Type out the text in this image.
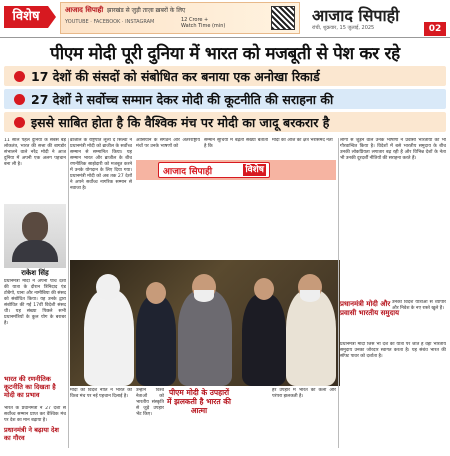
विशेष	आजाद सिपाही झारखंड से जुड़ी ताज़ा ख़बरों के लिए
YOUTUBE · FACEBOOK · INSTAGRAM	12 Crore +
Watch Time (min)
आजाद सिपाही
रांची, शुक्रवार, 15 जुलाई, 2025	02
पीएम मोदी पूरी दुनिया में भारत को मजबूती से पेश कर रहे
17 देशों की संसदों को संबोधित कर बनाया एक अनोखा रिकार्ड
27 देशों ने सर्वोच्च सम्मान देकर मोदी की कूटनीति की सराहना की
इससे साबित होता है कि वैश्विक मंच पर मोदी का जादू बरकरार है
11 साल पहले दुनिया के सबसे बड़े लोकतंत्र, भारत की सत्ता की बागडोर संभालने वाले नरेंद्र मोदी ने आज दुनिया में अपनी एक अलग पहचान बना ली है।
राकेश सिंह
प्रधानमंत्री मोदी ने अपनी पांच देशों की यात्रा के दौरान त्रिनिदाद एंड टोबैगो, घाना और नामीबिया की संसद को संबोधित किया। यह उनके द्वारा संबोधित की गई 17वीं विदेशी संसद थी। यह संख्या पिछले सभी प्रधानमंत्रियों के कुल योग के बराबर है।
भारत की रणनीतिक कूटनीति का दिखता है मोदी का प्रभाव
भारत के प्रधानमंत्री ने 27 देशों से सर्वोच्च सम्मान प्राप्त कर वैश्विक मंच पर देश का मान बढ़ाया है।
ब्राजील के राष्ट्रपति लूला द सिल्वा ने प्रधानमंत्री मोदी को ब्राजील के सर्वोच्च सम्मान से सम्मानित किया। यह सम्मान भारत और ब्राजील के बीच रणनीतिक साझेदारी को मजबूत करने में उनके योगदान के लिए दिया गया। प्रधानमंत्री मोदी को अब तक 27 देशों ने अपने सर्वोच्च नागरिक सम्मान से नवाजा है।
आसियान के संगठन और अंतरराष्ट्रीय मंचों पर उनके भाषणों को
सम्मान सूचियों में बढ़ती संख्या बताती है कि
मोदी को आज का क्षेत्र भरोसेमंद नेता
आजाद सिपाही	विशेष
पीएम मोदी के उपहारों में झलकती है भारत की आत्मा
मोदी की विदेश नीति ने भारत को विश्व मंच पर नई पहचान दिलाई है।
उन्होंने विश्व नेताओं को भारतीय संस्कृति से जुड़े उपहार भेंट किए।
हर उपहार में भारत की कला और परंपरा झलकती है।
लोगों से जुड़ने वाले उनके भाषणों ने प्रवासी भारतीयों को भी गौरवान्वित किया है। विदेशों में बसे भारतीय समुदाय के बीच उनकी लोकप्रियता लगातार बढ़ रही है और विभिन्न देशों के नेता भी उनकी दूरदर्शी नीतियों की सराहना करते हैं।
प्रधानमंत्री मोदी और प्रवासी भारतीय समुदाय
उनकी विदेश यात्राओं से व्यापार और निवेश के नए रास्ते खुले हैं।
प्रधानमंत्री मोदी जिस भी देश की यात्रा पर जाते हैं वहां भारतीय समुदाय उनका जोरदार स्वागत करता है। यह संबंध भारत की सॉफ्ट पावर को दर्शाता है।
प्रधानमंत्री ने बढ़ाया देश का गौरव
